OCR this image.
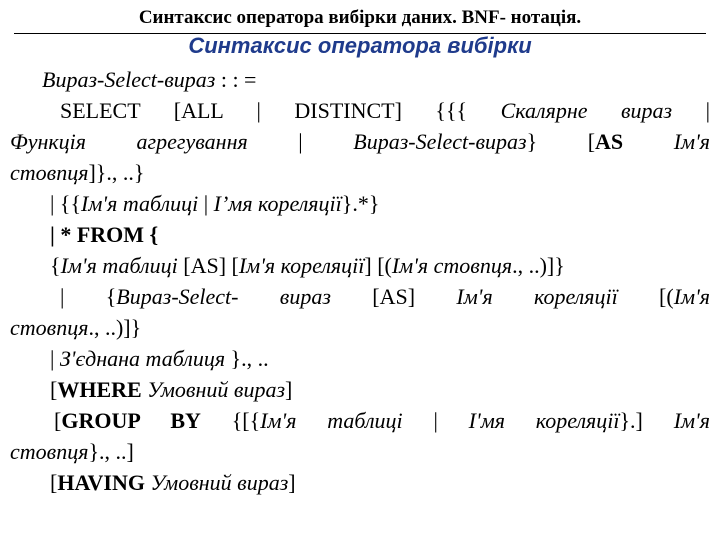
Синтаксис оператора вибірки даних. BNF- нотація.
Синтаксис оператора вибірки
Вираз-Select-вираз : : =
SELECT [ALL | DISTINCT] {{{ Скалярне вираз |
Функція агрегування | Вираз-Select-вираз} [AS Ім'я
стовпця]}., ..}
| {{Ім'я таблиці | І’мя кореляції}.*}
| * FROM {
{Ім'я таблиці [AS] [Ім'я кореляції] [(Ім'я стовпця., ..)]}
| {Вираз-Select- вираз [AS] Ім'я кореляції [(Ім'я
стовпця., ..)]}
| З'єднана таблиця }., ..
[WHERE Умовний вираз]
[GROUP BY {[{Ім'я таблиці | І'мя кореляції}.] Ім'я
стовпця}., ..]
[HAVING Умовний вираз]
